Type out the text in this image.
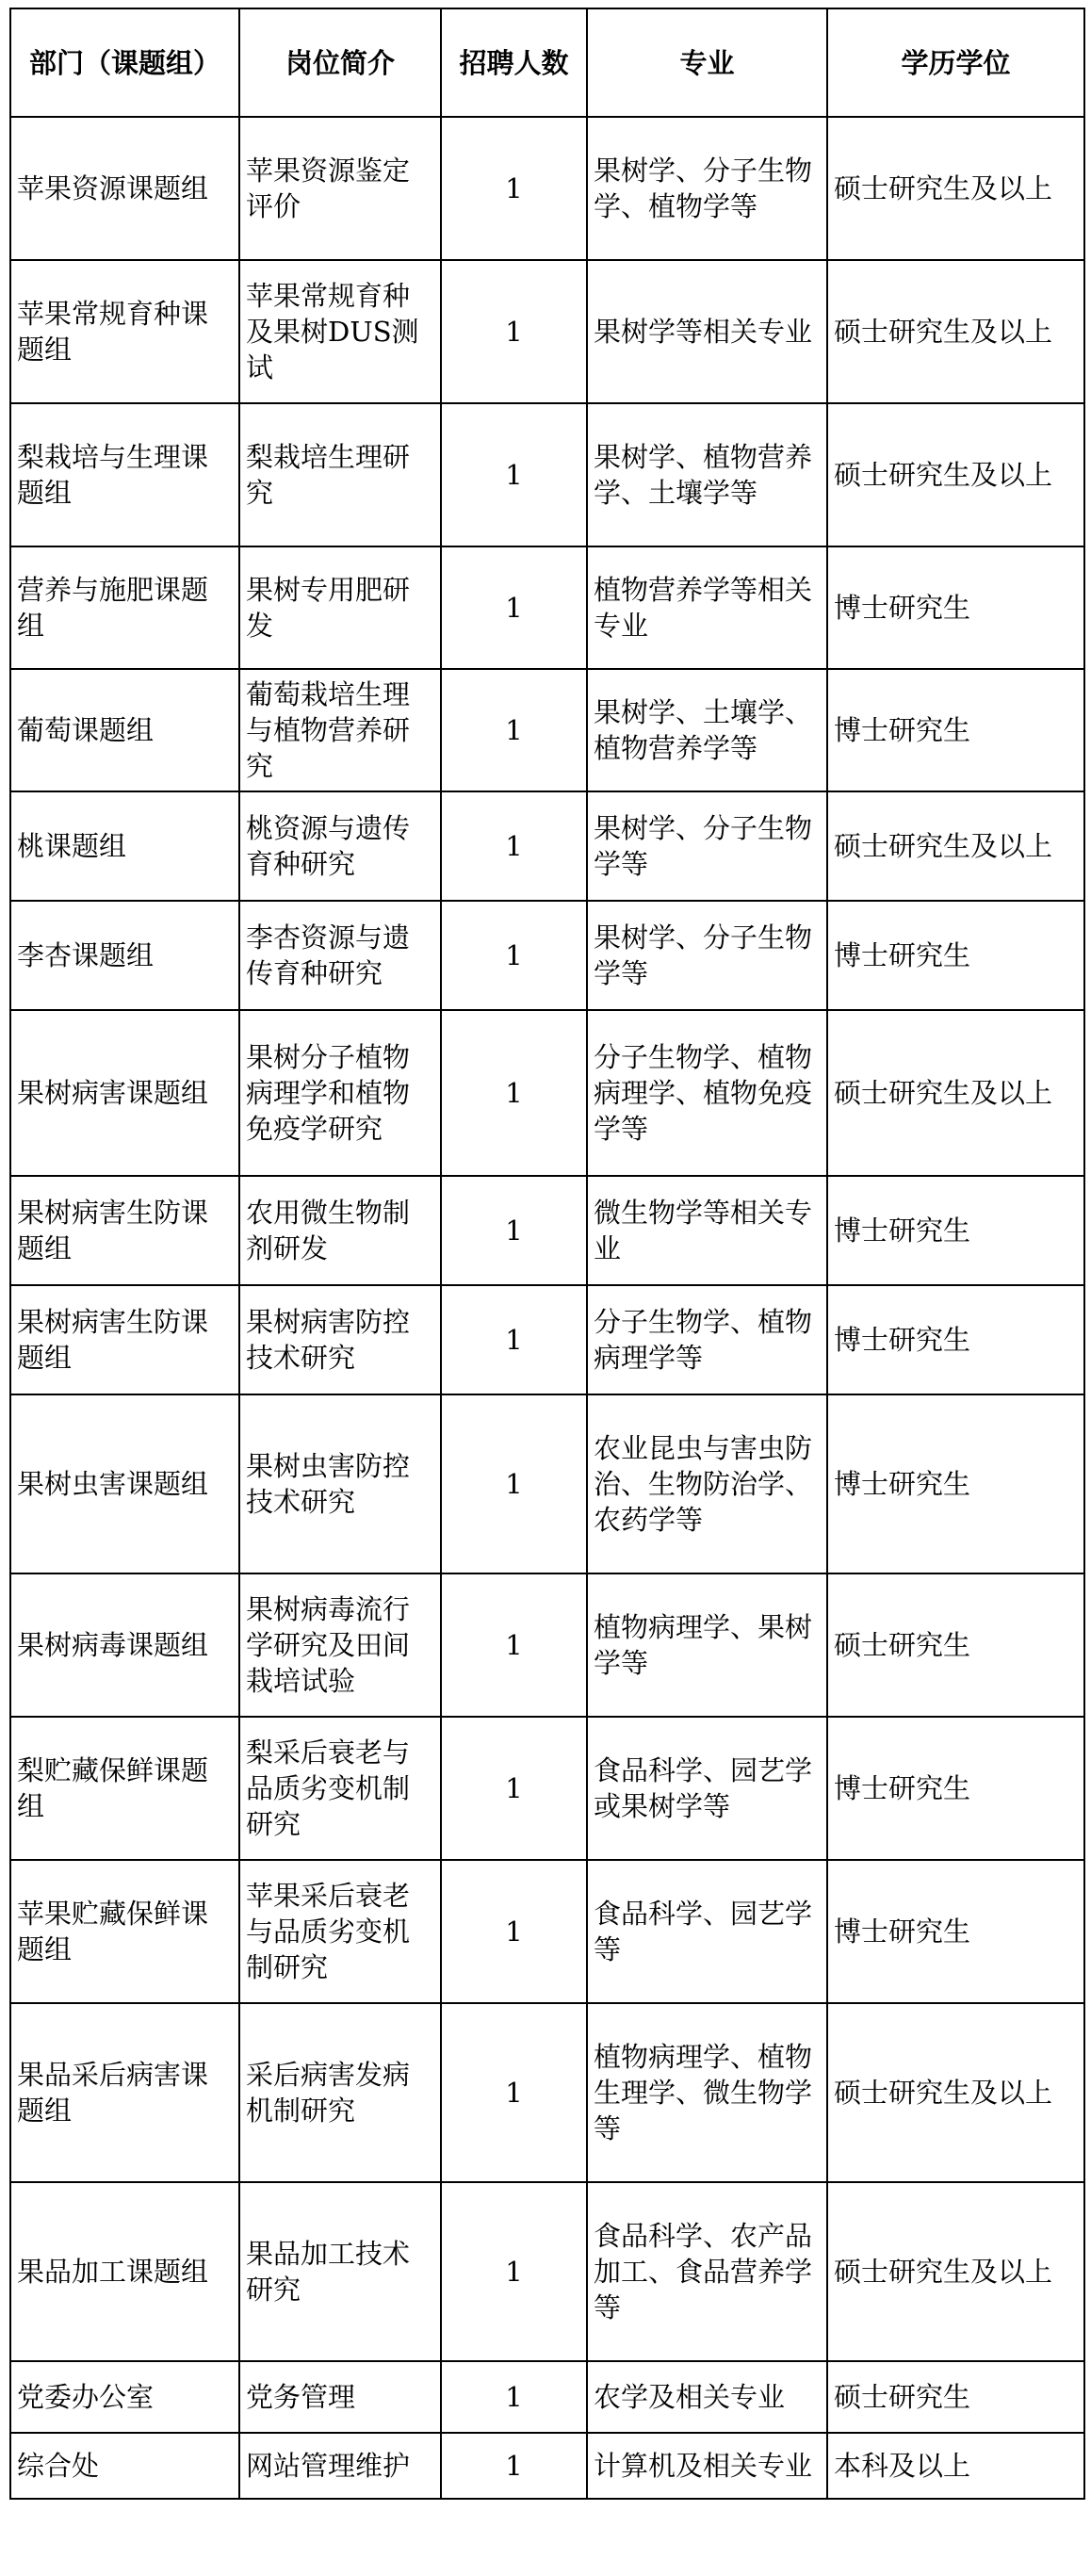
部门（课题组）	岗位简介	招聘人数	专业	学历学位
苹果资源课题组	苹果资源鉴定评价	1	果树学、分子生物学、植物学等	硕士研究生及以上
苹果常规育种课题组	苹果常规育种及果树DUS测试	1	果树学等相关专业	硕士研究生及以上
梨栽培与生理课题组	梨栽培生理研究	1	果树学、植物营养学、土壤学等	硕士研究生及以上
营养与施肥课题组	果树专用肥研发	1	植物营养学等相关专业	博士研究生
葡萄课题组	葡萄栽培生理与植物营养研究	1	果树学、土壤学、植物营养学等	博士研究生
桃课题组	桃资源与遗传育种研究	1	果树学、分子生物学等	硕士研究生及以上
李杏课题组	李杏资源与遗传育种研究	1	果树学、分子生物学等	博士研究生
果树病害课题组	果树分子植物病理学和植物免疫学研究	1	分子生物学、植物病理学、植物免疫学等	硕士研究生及以上
果树病害生防课题组	农用微生物制剂研发	1	微生物学等相关专业	博士研究生
果树病害生防课题组	果树病害防控技术研究	1	分子生物学、植物病理学等	博士研究生
果树虫害课题组	果树虫害防控技术研究	1	农业昆虫与害虫防治、生物防治学、农药学等	博士研究生
果树病毒课题组	果树病毒流行学研究及田间栽培试验	1	植物病理学、果树学等	硕士研究生
梨贮藏保鲜课题组	梨采后衰老与品质劣变机制研究	1	食品科学、园艺学或果树学等	博士研究生
苹果贮藏保鲜课题组	苹果采后衰老与品质劣变机制研究	1	食品科学、园艺学等	博士研究生
果品采后病害课题组	采后病害发病机制研究	1	植物病理学、植物生理学、微生物学等	硕士研究生及以上
果品加工课题组	果品加工技术研究	1	食品科学、农产品加工、食品营养学等	硕士研究生及以上
党委办公室	党务管理	1	农学及相关专业	硕士研究生
综合处	网站管理维护	1	计算机及相关专业	本科及以上
